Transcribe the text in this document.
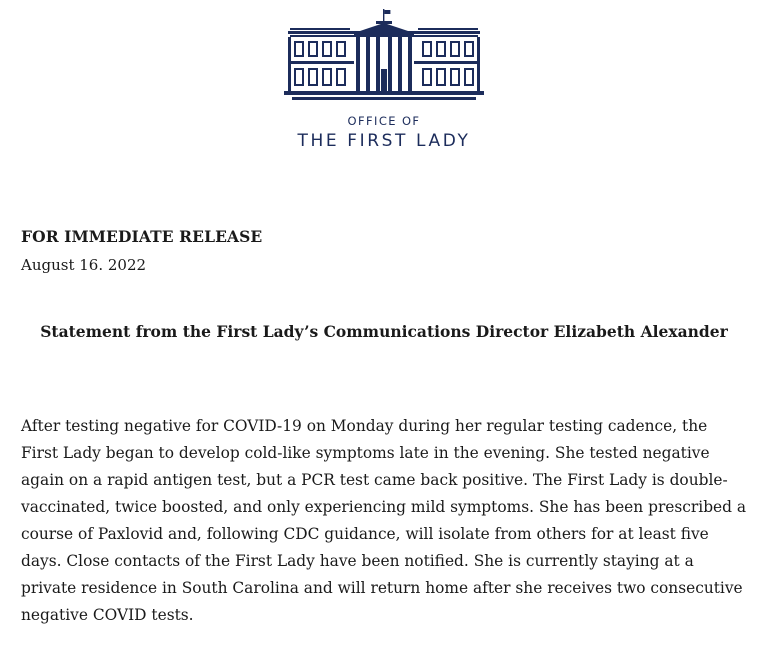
OFFICE OF
THE FIRST LADY
FOR IMMEDIATE RELEASE
August 16. 2022
Statement from the First Lady’s Communications Director Elizabeth Alexander

After testing negative for COVID-19 on Monday during her regular testing cadence, the First Lady began to develop cold-like symptoms late in the evening. She tested negative again on a rapid antigen test, but a PCR test came back positive. The First Lady is double-vaccinated, twice boosted, and only experiencing mild symptoms. She has been prescribed a course of Paxlovid and, following CDC guidance, will isolate from others for at least five days. Close contacts of the First Lady have been notified. She is currently staying at a private residence in South Carolina and will return home after she receives two consecutive negative COVID tests.
